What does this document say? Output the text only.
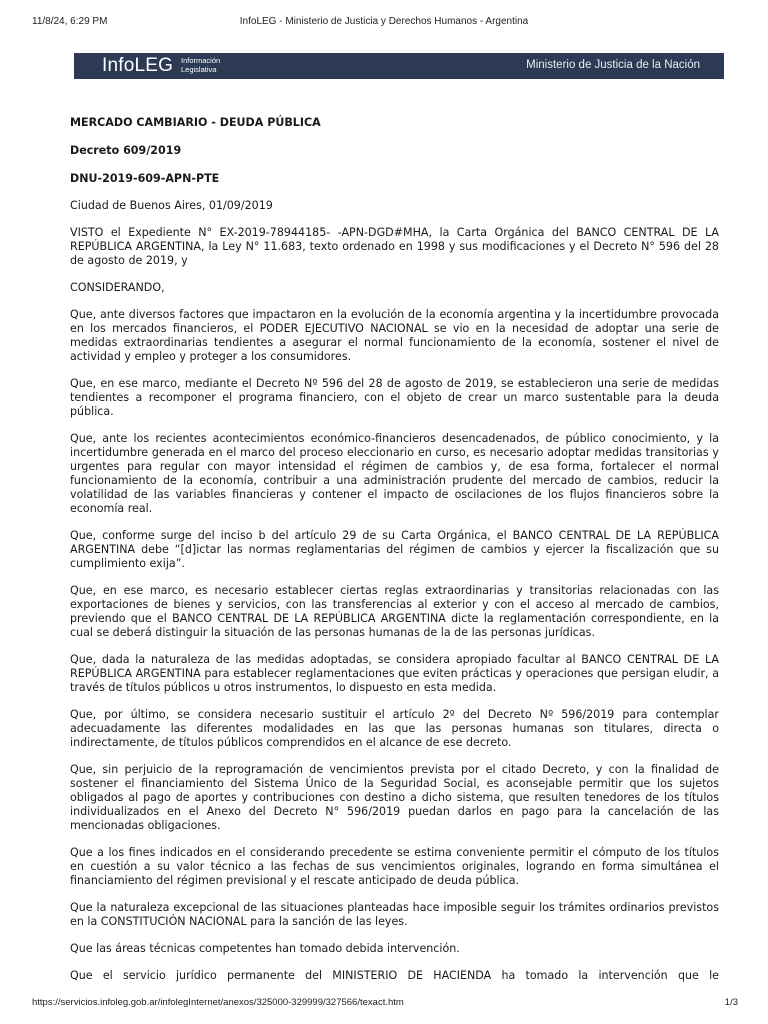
11/8/24, 6:29 PM	InfoLEG - Ministerio de Justicia y Derechos Humanos - Argentina
InfoLEG Información
Legislativa	Ministerio de Justicia de la Nación
MERCADO CAMBIARIO - DEUDA PÚBLICA
Decreto 609/2019
DNU-2019-609-APN-PTE

Ciudad de Buenos Aires, 01/09/2019

VISTO el Expediente N° EX-2019-78944185- -APN-DGD#MHA, la Carta Orgánica del BANCO CENTRAL DE LA REPÚBLICA ARGENTINA, la Ley N° 11.683, texto ordenado en 1998 y sus modificaciones y el Decreto N° 596 del 28 de agosto de 2019, y

CONSIDERANDO,

Que, ante diversos factores que impactaron en la evolución de la economía argentina y la incertidumbre provocada en los mercados financieros, el PODER EJECUTIVO NACIONAL se vio en la necesidad de adoptar una serie de medidas extraordinarias tendientes a asegurar el normal funcionamiento de la economía, sostener el nivel de actividad y empleo y proteger a los consumidores.

Que, en ese marco, mediante el Decreto Nº 596 del 28 de agosto de 2019, se establecieron una serie de medidas tendientes a recomponer el programa financiero, con el objeto de crear un marco sustentable para la deuda pública.

Que, ante los recientes acontecimientos económico-financieros desencadenados, de público conocimiento, y la incertidumbre generada en el marco del proceso eleccionario en curso, es necesario adoptar medidas transitorias y urgentes para regular con mayor intensidad el régimen de cambios y, de esa forma, fortalecer el normal funcionamiento de la economía, contribuir a una administración prudente del mercado de cambios, reducir la volatilidad de las variables financieras y contener el impacto de oscilaciones de los flujos financieros sobre la economía real.

Que, conforme surge del inciso b del artículo 29 de su Carta Orgánica, el BANCO CENTRAL DE LA REPÚBLICA ARGENTINA debe “[d]ictar las normas reglamentarias del régimen de cambios y ejercer la fiscalización que su cumplimiento exija”.

Que, en ese marco, es necesario establecer ciertas reglas extraordinarias y transitorias relacionadas con las exportaciones de bienes y servicios, con las transferencias al exterior y con el acceso al mercado de cambios, previendo que el BANCO CENTRAL DE LA REPÚBLICA ARGENTINA dicte la reglamentación correspondiente, en la cual se deberá distinguir la situación de las personas humanas de la de las personas jurídicas.

Que, dada la naturaleza de las medidas adoptadas, se considera apropiado facultar al BANCO CENTRAL DE LA REPÚBLICA ARGENTINA para establecer reglamentaciones que eviten prácticas y operaciones que persigan eludir, a través de títulos públicos u otros instrumentos, lo dispuesto en esta medida.

Que, por último, se considera necesario sustituir el artículo 2º del Decreto Nº 596/2019 para contemplar adecuadamente las diferentes modalidades en las que las personas humanas son titulares, directa o indirectamente, de títulos públicos comprendidos en el alcance de ese decreto.

Que, sin perjuicio de la reprogramación de vencimientos prevista por el citado Decreto, y con la finalidad de sostener el financiamiento del Sistema Único de la Seguridad Social, es aconsejable permitir que los sujetos obligados al pago de aportes y contribuciones con destino a dicho sistema, que resulten tenedores de los títulos individualizados en el Anexo del Decreto N° 596/2019 puedan darlos en pago para la cancelación de las mencionadas obligaciones.

Que a los fines indicados en el considerando precedente se estima conveniente permitir el cómputo de los títulos en cuestión a su valor técnico a las fechas de sus vencimientos originales, logrando en forma simultánea el financiamiento del régimen previsional y el rescate anticipado de deuda pública.

Que la naturaleza excepcional de las situaciones planteadas hace imposible seguir los trámites ordinarios previstos en la CONSTITUCIÓN NACIONAL para la sanción de las leyes.

Que las áreas técnicas competentes han tomado debida intervención.

Que el servicio jurídico permanente del MINISTERIO DE HACIENDA ha tomado la intervención que le

https://servicios.infoleg.gob.ar/infolegInternet/anexos/325000-329999/327566/texact.htm	1/3
